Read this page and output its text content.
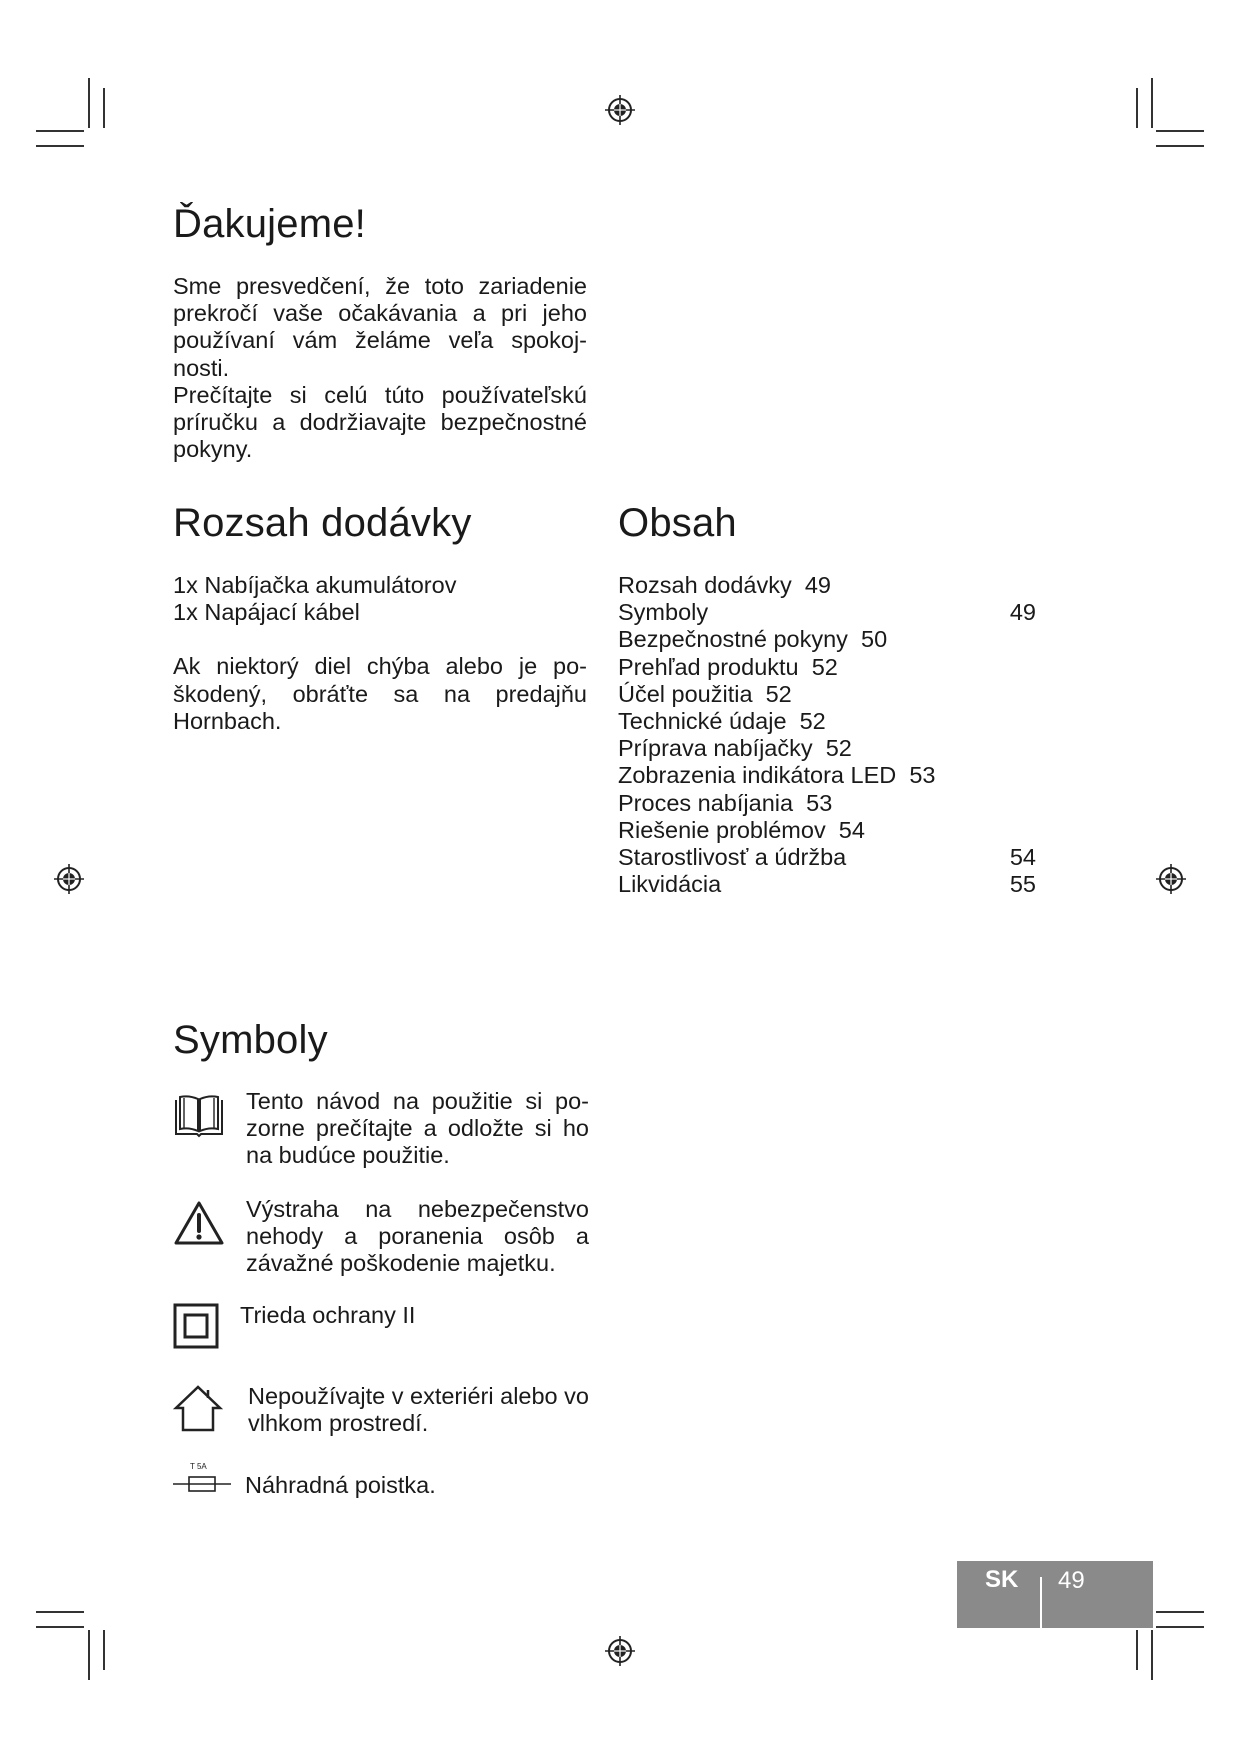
Ďakujeme!

Sme presvedčení, že toto zariadenie prekročí vaše očakávania a pri jeho používaní vám želáme veľa spokojnosti.

Prečítajte si celú túto používateľskú príručku a dodržiavajte bezpečnostné pokyny.

Rozsah dodávky
1x Nabíjačka akumulátorov
1x Napájací kábel

Ak niektorý diel chýba alebo je poškodený, obráťte sa na predajňu Hornbach.

Obsah
Rozsah dodávky 49
Symboly	49
Bezpečnostné pokyny 50
Prehľad produktu 52
Účel použitia 52
Technické údaje 52
Príprava nabíjačky 52
Zobrazenia indikátora LED 53
Proces nabíjania 53
Riešenie problémov 54
Starostlivosť a údržba	54
Likvidácia	55
Symboly
Tento návod na použitie si pozorne prečítajte a odložte si ho na budúce použitie.
Výstraha na nebezpečenstvo nehody a poranenia osôb a závažné poškodenie majetku.
Trieda ochrany II
Nepoužívajte v exteriéri alebo vo vlhkom prostredí.
T 5A
Náhradná poistka.
SK 49
